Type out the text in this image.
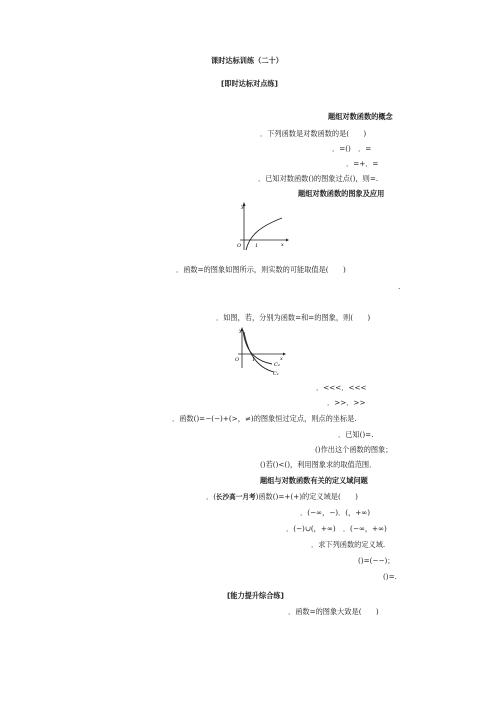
课时达标训练（二十）
[即时达标对点练]
题组对数函数的概念
．下列函数是对数函数的是(　　)
．=()　．=
．=+．=
．已知对数函数()的图象过点()，则=.
题组对数函数的图象及应用
y
x
O	1
．函数=的图象如图所示，则实数的可能取值是(　　)
.
．如图，若，分别为函数=和=的图象，则(　　)
y
x
O	1
C₂
C₁
．<<<．<<<
．>>．>>
．函数()=−(−)+(>，≠)的图象恒过定点，则点的坐标是.
．已知()=.
()作出这个函数的图象；
()若()<()，利用图象求的取值范围．
题组与对数函数有关的定义域问题
．(长沙高一月考)函数()=+(+)的定义域是(　　)
．(−∞，−)．(，+∞)
．(−)∪(，+∞)　．(−∞，+∞)
．求下列函数的定义域.
()=(−−)；
()=.
[能力提升综合练]
．函数=的图象大致是(　　)
